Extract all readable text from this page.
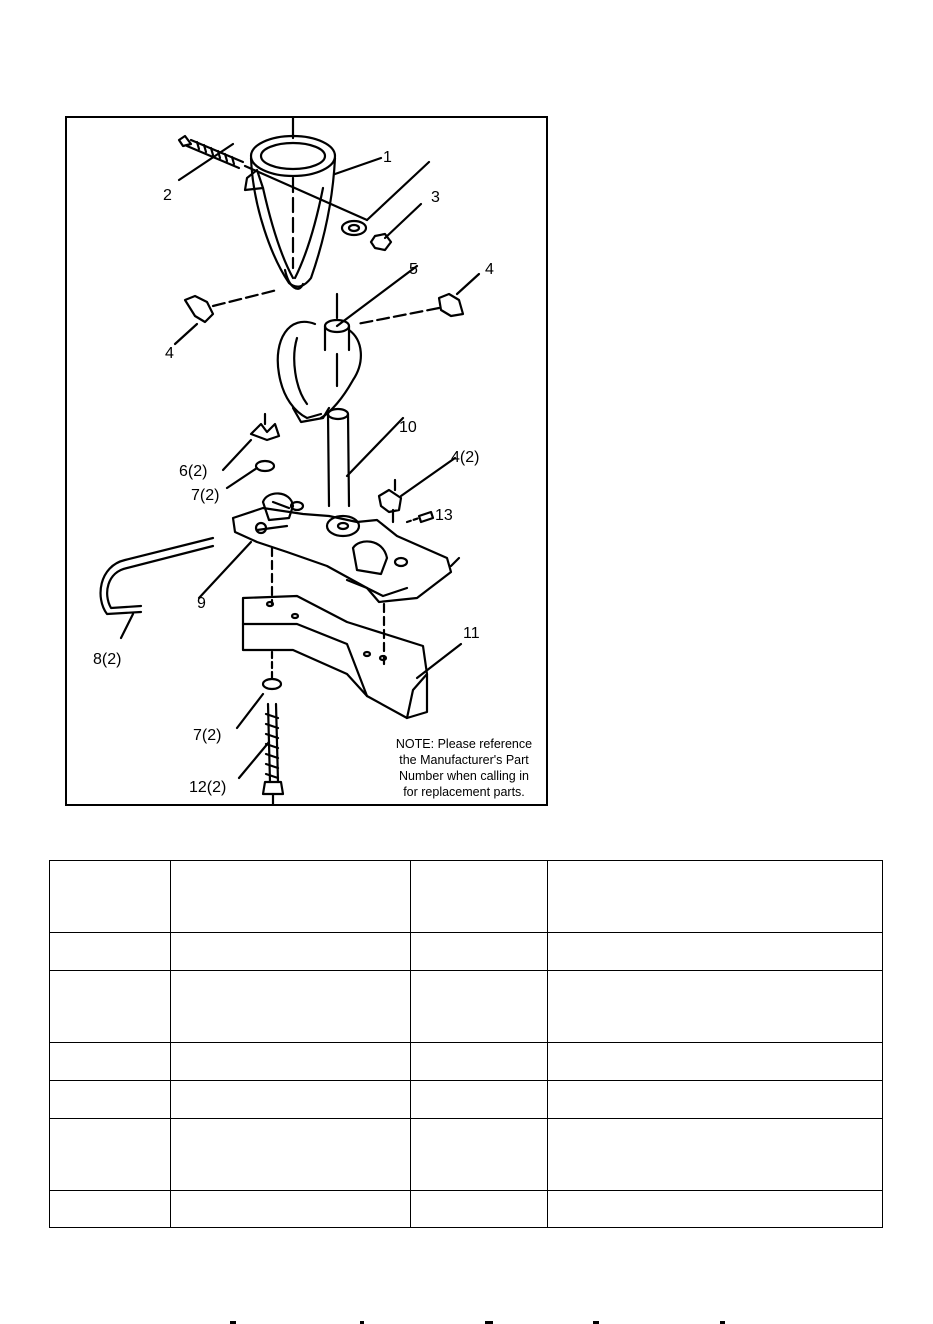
1
2	3
4
4
5
6(2)
7(2)
4(2)
10
13
9
8(2)
11
7(2)
12(2)
NOTE: Please reference
the Manufacturer's Part
Number when calling in
for replacement parts.
